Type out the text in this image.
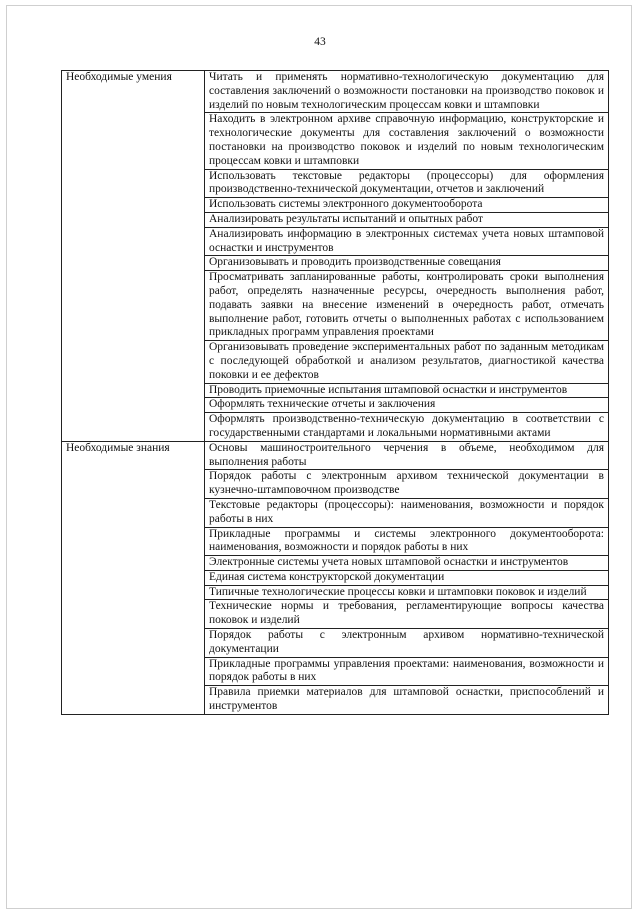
43
Необходимые умения	Читать и применять нормативно-технологическую документацию для составления заключений о возможности постановки на производство поковок и изделий по новым технологическим процессам ковки и штамповки
	Находить в электронном архиве справочную информацию, конструкторские и технологические документы для составления заключений о возможности постановки на производство поковок и изделий по новым технологическим процессам ковки и штамповки
	Использовать текстовые редакторы (процессоры) для оформления производственно-технической документации, отчетов и заключений
	Использовать системы электронного документооборота
	Анализировать результаты испытаний и опытных работ
	Анализировать информацию в электронных системах учета новых штамповой оснастки и инструментов
	Организовывать и проводить производственные совещания
	Просматривать запланированные работы, контролировать сроки выполнения работ, определять назначенные ресурсы, очередность выполнения работ, подавать заявки на внесение изменений в очередность работ, отмечать выполнение работ, готовить отчеты о выполненных работах с использованием прикладных программ управления проектами
	Организовывать проведение экспериментальных работ по заданным методикам с последующей обработкой и анализом результатов, диагностикой качества поковки и ее дефектов
	Проводить приемочные испытания штамповой оснастки и инструментов
	Оформлять технические отчеты и заключения
	Оформлять производственно-техническую документацию в соответствии с государственными стандартами и локальными нормативными актами
Необходимые знания	Основы машиностроительного черчения в объеме, необходимом для выполнения работы
	Порядок работы с электронным архивом технической документации в кузнечно-штамповочном производстве
	Текстовые редакторы (процессоры): наименования, возможности и порядок работы в них
	Прикладные программы и системы электронного документооборота: наименования, возможности и порядок работы в них
	Электронные системы учета новых штамповой оснастки и инструментов
	Единая система конструкторской документации
	Типичные технологические процессы ковки и штамповки поковок и изделий
	Технические нормы и требования, регламентирующие вопросы качества поковок и изделий
	Порядок работы с электронным архивом нормативно-технической документации
	Прикладные программы управления проектами: наименования, возможности и порядок работы в них
	Правила приемки материалов для штамповой оснастки, приспособлений и инструментов
